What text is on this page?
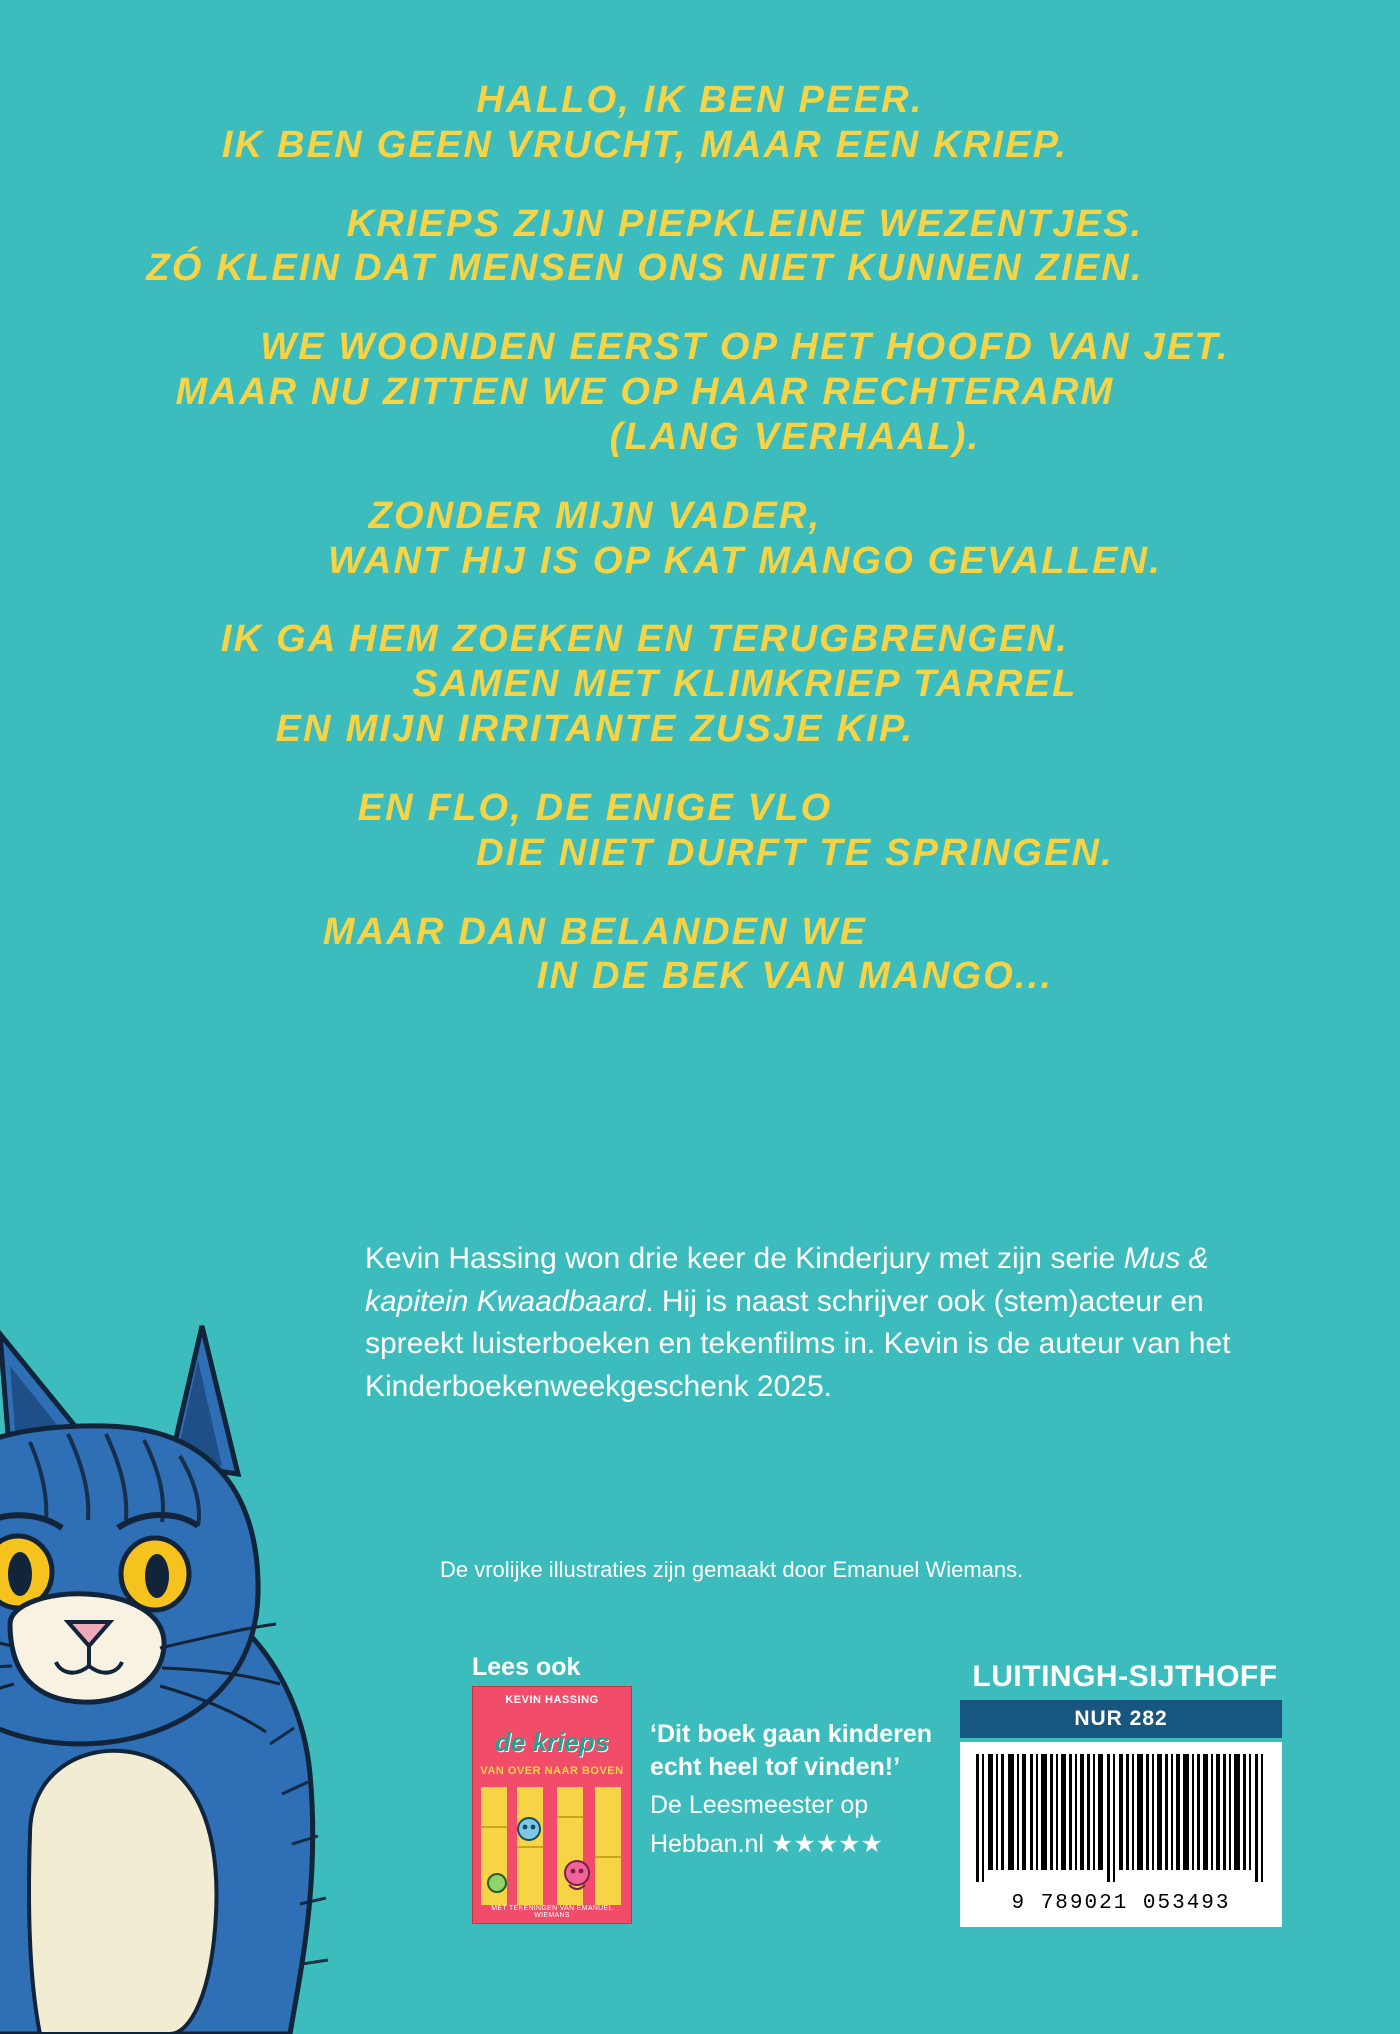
HALLO, IK BEN PEER.
IK BEN GEEN VRUCHT, MAAR EEN KRIEP.
KRIEPS ZIJN PIEPKLEINE WEZENTJES.
ZÓ KLEIN DAT MENSEN ONS NIET KUNNEN ZIEN.
WE WOONDEN EERST OP HET HOOFD VAN JET.
MAAR NU ZITTEN WE OP HAAR RECHTERARM
(LANG VERHAAL).
ZONDER MIJN VADER,
WANT HIJ IS OP KAT MANGO GEVALLEN.
IK GA HEM ZOEKEN EN TERUGBRENGEN.
SAMEN MET KLIMKRIEP TARREL
EN MIJN IRRITANTE ZUSJE KIP.
EN FLO, DE ENIGE VLO
DIE NIET DURFT TE SPRINGEN.
MAAR DAN BELANDEN WE
IN DE BEK VAN MANGO...
Kevin Hassing won drie keer de Kinderjury met zijn serie Mus & kapitein Kwaadbaard. Hij is naast schrijver ook (stem)acteur en spreekt luisterboeken en tekenfilms in. Kevin is de auteur van het Kinderboekenweekgeschenk 2025.
De vrolijke illustraties zijn gemaakt door Emanuel Wiemans.
Lees ook
KEVIN HASSING
de krieps
VAN OVER NAAR BOVEN
MET TEKENINGEN VAN EMANUEL WIEMANS
‘Dit boek gaan kinderen
echt heel tof vinden!’
De Leesmeester op
Hebban.nl ★★★★★
LUITINGH-SIJTHOFF
NUR 282
9 789021 053493
